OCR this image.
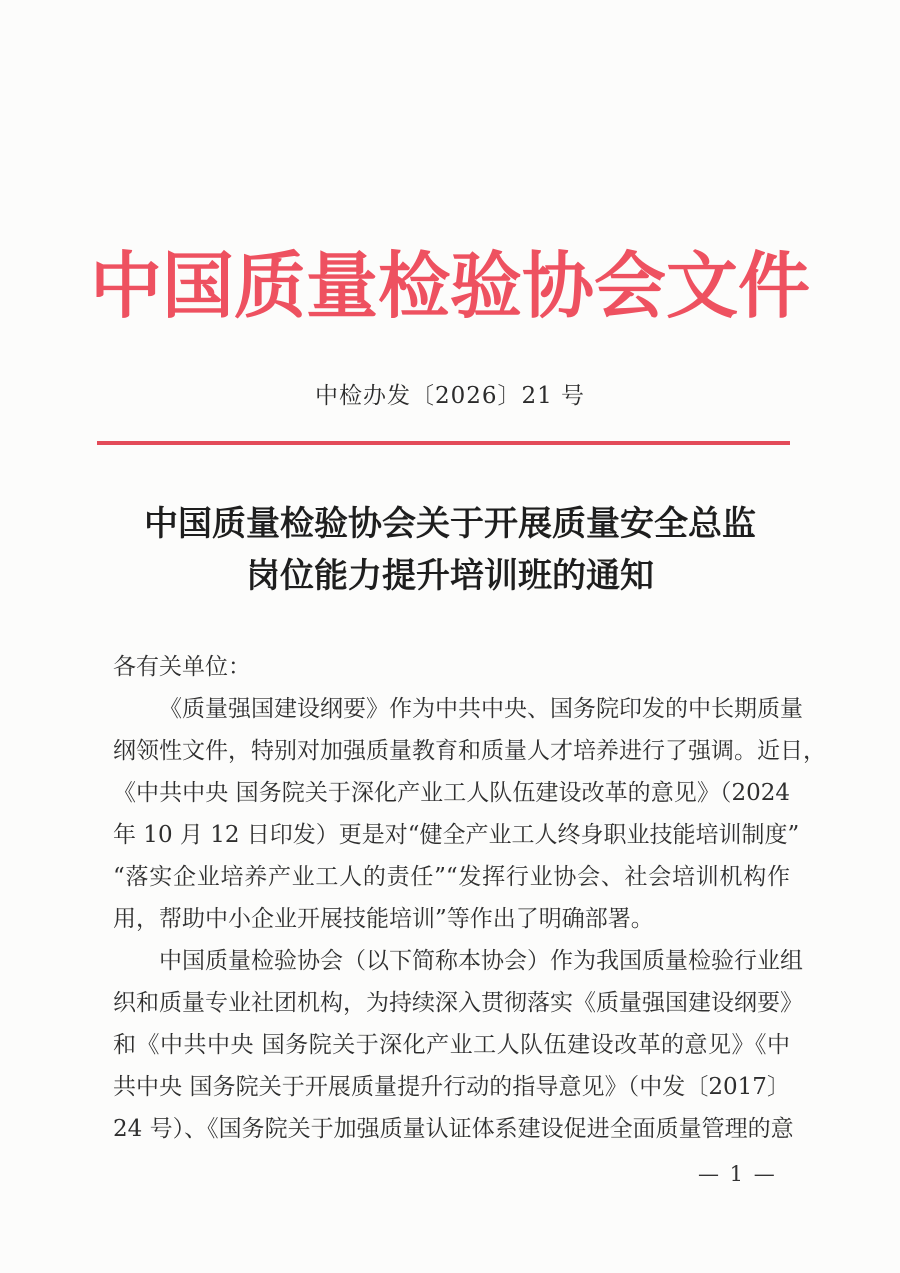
中国质量检验协会文件
中检办发〔2026〕21 号
中国质量检验协会关于开展质量安全总监
岗位能力提升培训班的通知
各有关单位：
《质量强国建设纲要》作为中共中央、国务院印发的中长期质量
纲领性文件，特别对加强质量教育和质量人才培养进行了强调。近日，
《中共中央 国务院关于深化产业工人队伍建设改革的意见》（2024
年 10 月 12 日印发）更是对“健全产业工人终身职业技能培训制度”
“落实企业培养产业工人的责任”“发挥行业协会、社会培训机构作
用，帮助中小企业开展技能培训”等作出了明确部署。
中国质量检验协会（以下简称本协会）作为我国质量检验行业组
织和质量专业社团机构，为持续深入贯彻落实《质量强国建设纲要》
和《中共中央 国务院关于深化产业工人队伍建设改革的意见》《中
共中央 国务院关于开展质量提升行动的指导意见》（中发〔2017〕
24 号）、《国务院关于加强质量认证体系建设促进全面质量管理的意
— 1 —
